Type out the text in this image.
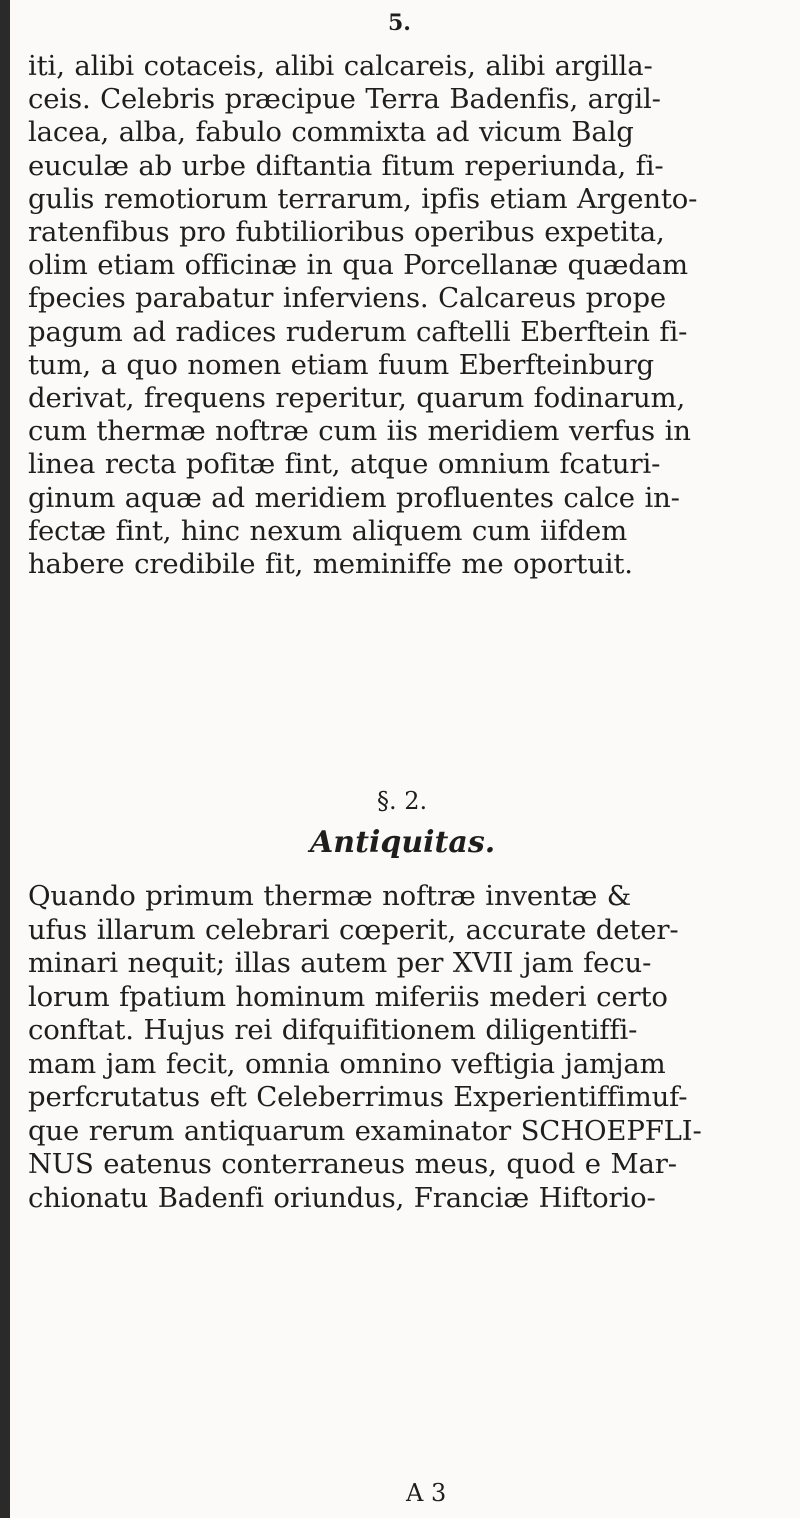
5.
iti, alibi cotaceis, alibi calcareis, alibi argilla-
ceis. Celebris præcipue Terra Badenfis, argil-
lacea, alba, fabulo commixta ad vicum Balg
euculæ ab urbe diftantia fitum reperiunda, fi-
gulis remotiorum terrarum, ipfis etiam Argento-
ratenfibus pro fubtilioribus operibus expetita,
olim etiam officinæ in qua Porcellanæ quædam
fpecies parabatur inferviens. Calcareus prope
pagum ad radices ruderum caftelli Eberftein fi-
tum, a quo nomen etiam fuum Eberfteinburg
derivat, frequens reperitur, quarum fodinarum,
cum thermæ noftræ cum iis meridiem verfus in
linea recta pofitæ fint, atque omnium fcaturi-
ginum aquæ ad meridiem profluentes calce in-
fectæ fint, hinc nexum aliquem cum iifdem
habere credibile fit, meminiffe me oportuit.
§. 2.
Antiquitas.
Quando primum thermæ noftræ inventæ &
ufus illarum celebrari cœperit, accurate deter-
minari nequit; illas autem per XVII jam fecu-
lorum fpatium hominum miferiis mederi certo
conftat. Hujus rei difquifitionem diligentiffi-
mam jam fecit, omnia omnino veftigia jamjam
perfcrutatus eft Celeberrimus Experientiffimuf-
que rerum antiquarum examinator SCHOEPFLI-
NUS eatenus conterraneus meus, quod e Mar-
chionatu Badenfi oriundus, Franciæ Hiftorio-
A 3
